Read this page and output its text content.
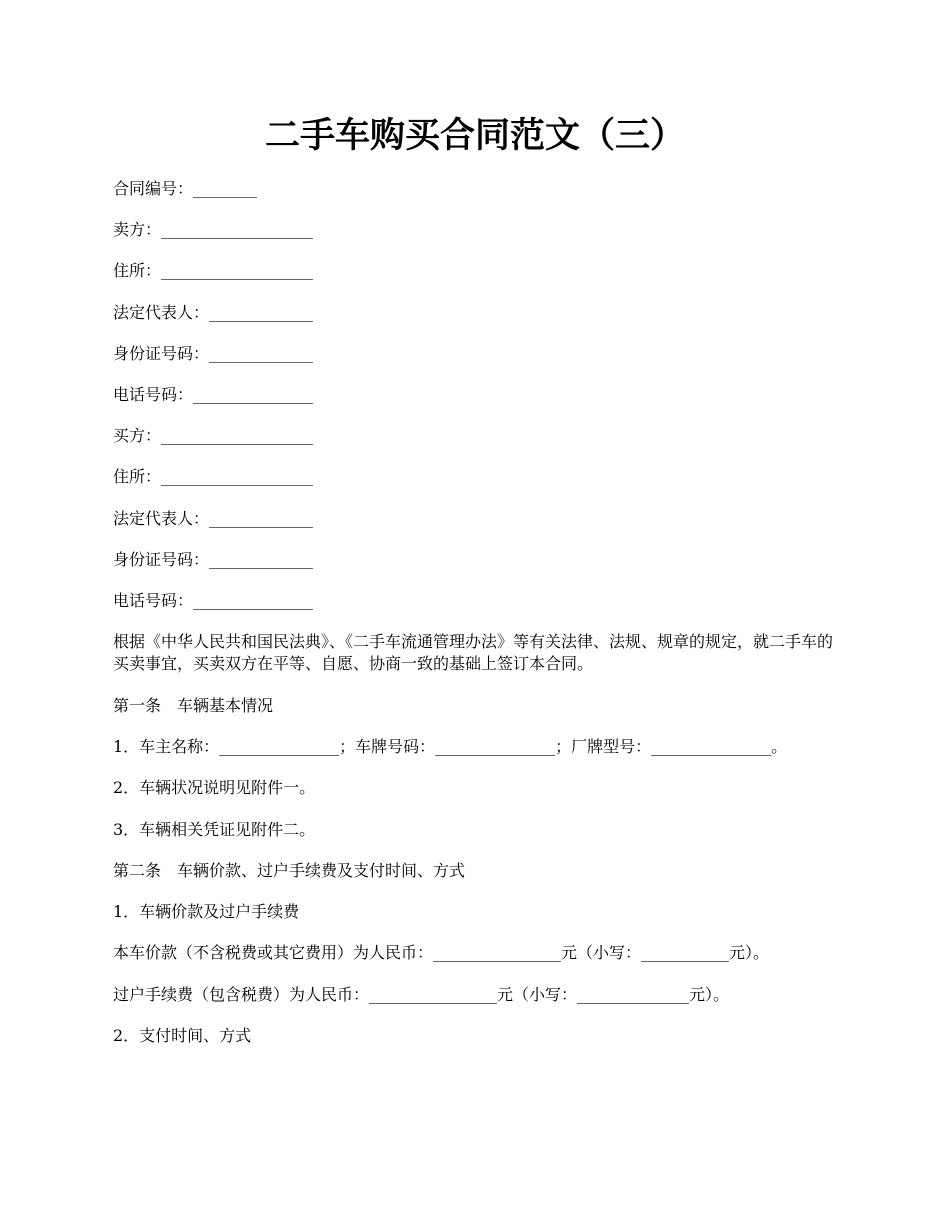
二手车购买合同范文（三）

合同编号：________

卖方：___________________

住所：___________________

法定代表人：_____________

身份证号码：_____________

电话号码：_______________

买方：___________________

住所：___________________

法定代表人：_____________

身份证号码：_____________

电话号码：_______________

根据《中华人民共和国民法典》、《二手车流通管理办法》等有关法律、法规、规章的规定，就二手车的买卖事宜，买卖双方在平等、自愿、协商一致的基础上签订本合同。

第一条　车辆基本情况

1．车主名称：_______________；车牌号码：_______________；厂牌型号：_______________。

2．车辆状况说明见附件一。

3．车辆相关凭证见附件二。

第二条　车辆价款、过户手续费及支付时间、方式

1．车辆价款及过户手续费

本车价款（不含税费或其它费用）为人民币：________________元（小写：___________元）。

过户手续费（包含税费）为人民币：________________元（小写：______________元）。

2．支付时间、方式
